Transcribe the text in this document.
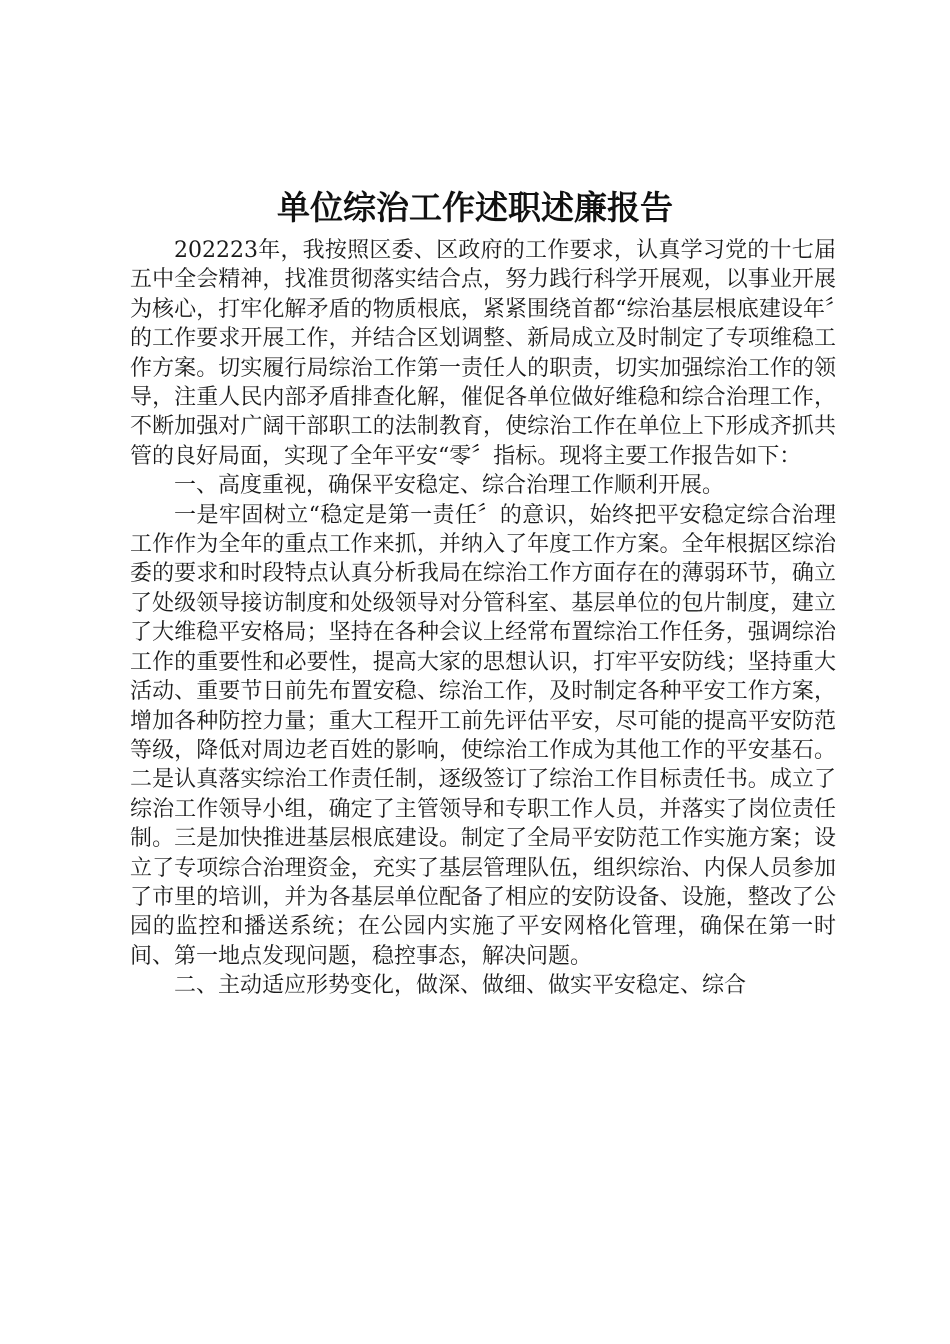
单位综治工作述职述廉报告

202223年，我按照区委、区政府的工作要求，认真学习党的十七届五中全会精神，找准贯彻落实结合点，努力践行科学开展观，以事业开展为核心，打牢化解矛盾的物质根底，紧紧围绕首都“综治基层根底建设年〞的工作要求开展工作，并结合区划调整、新局成立及时制定了专项维稳工作方案。切实履行局综治工作第一责任人的职责，切实加强综治工作的领导，注重人民内部矛盾排查化解，催促各单位做好维稳和综合治理工作，不断加强对广阔干部职工的法制教育，使综治工作在单位上下形成齐抓共管的良好局面，实现了全年平安“零〞指标。现将主要工作报告如下：

一、高度重视，确保平安稳定、综合治理工作顺利开展。

一是牢固树立“稳定是第一责任〞的意识，始终把平安稳定综合治理工作作为全年的重点工作来抓，并纳入了年度工作方案。全年根据区综治委的要求和时段特点认真分析我局在综治工作方面存在的薄弱环节，确立了处级领导接访制度和处级领导对分管科室、基层单位的包片制度，建立了大维稳平安格局；坚持在各种会议上经常布置综治工作任务，强调综治工作的重要性和必要性，提高大家的思想认识，打牢平安防线；坚持重大活动、重要节日前先布置安稳、综治工作，及时制定各种平安工作方案，增加各种防控力量；重大工程开工前先评估平安，尽可能的提高平安防范等级，降低对周边老百姓的影响，使综治工作成为其他工作的平安基石。二是认真落实综治工作责任制，逐级签订了综治工作目标责任书。成立了综治工作领导小组，确定了主管领导和专职工作人员，并落实了岗位责任制。三是加快推进基层根底建设。制定了全局平安防范工作实施方案；设立了专项综合治理资金，充实了基层管理队伍，组织综治、内保人员参加了市里的培训，并为各基层单位配备了相应的安防设备、设施，整改了公园的监控和播送系统；在公园内实施了平安网格化管理，确保在第一时间、第一地点发现问题，稳控事态，解决问题。

二、主动适应形势变化，做深、做细、做实平安稳定、综合
